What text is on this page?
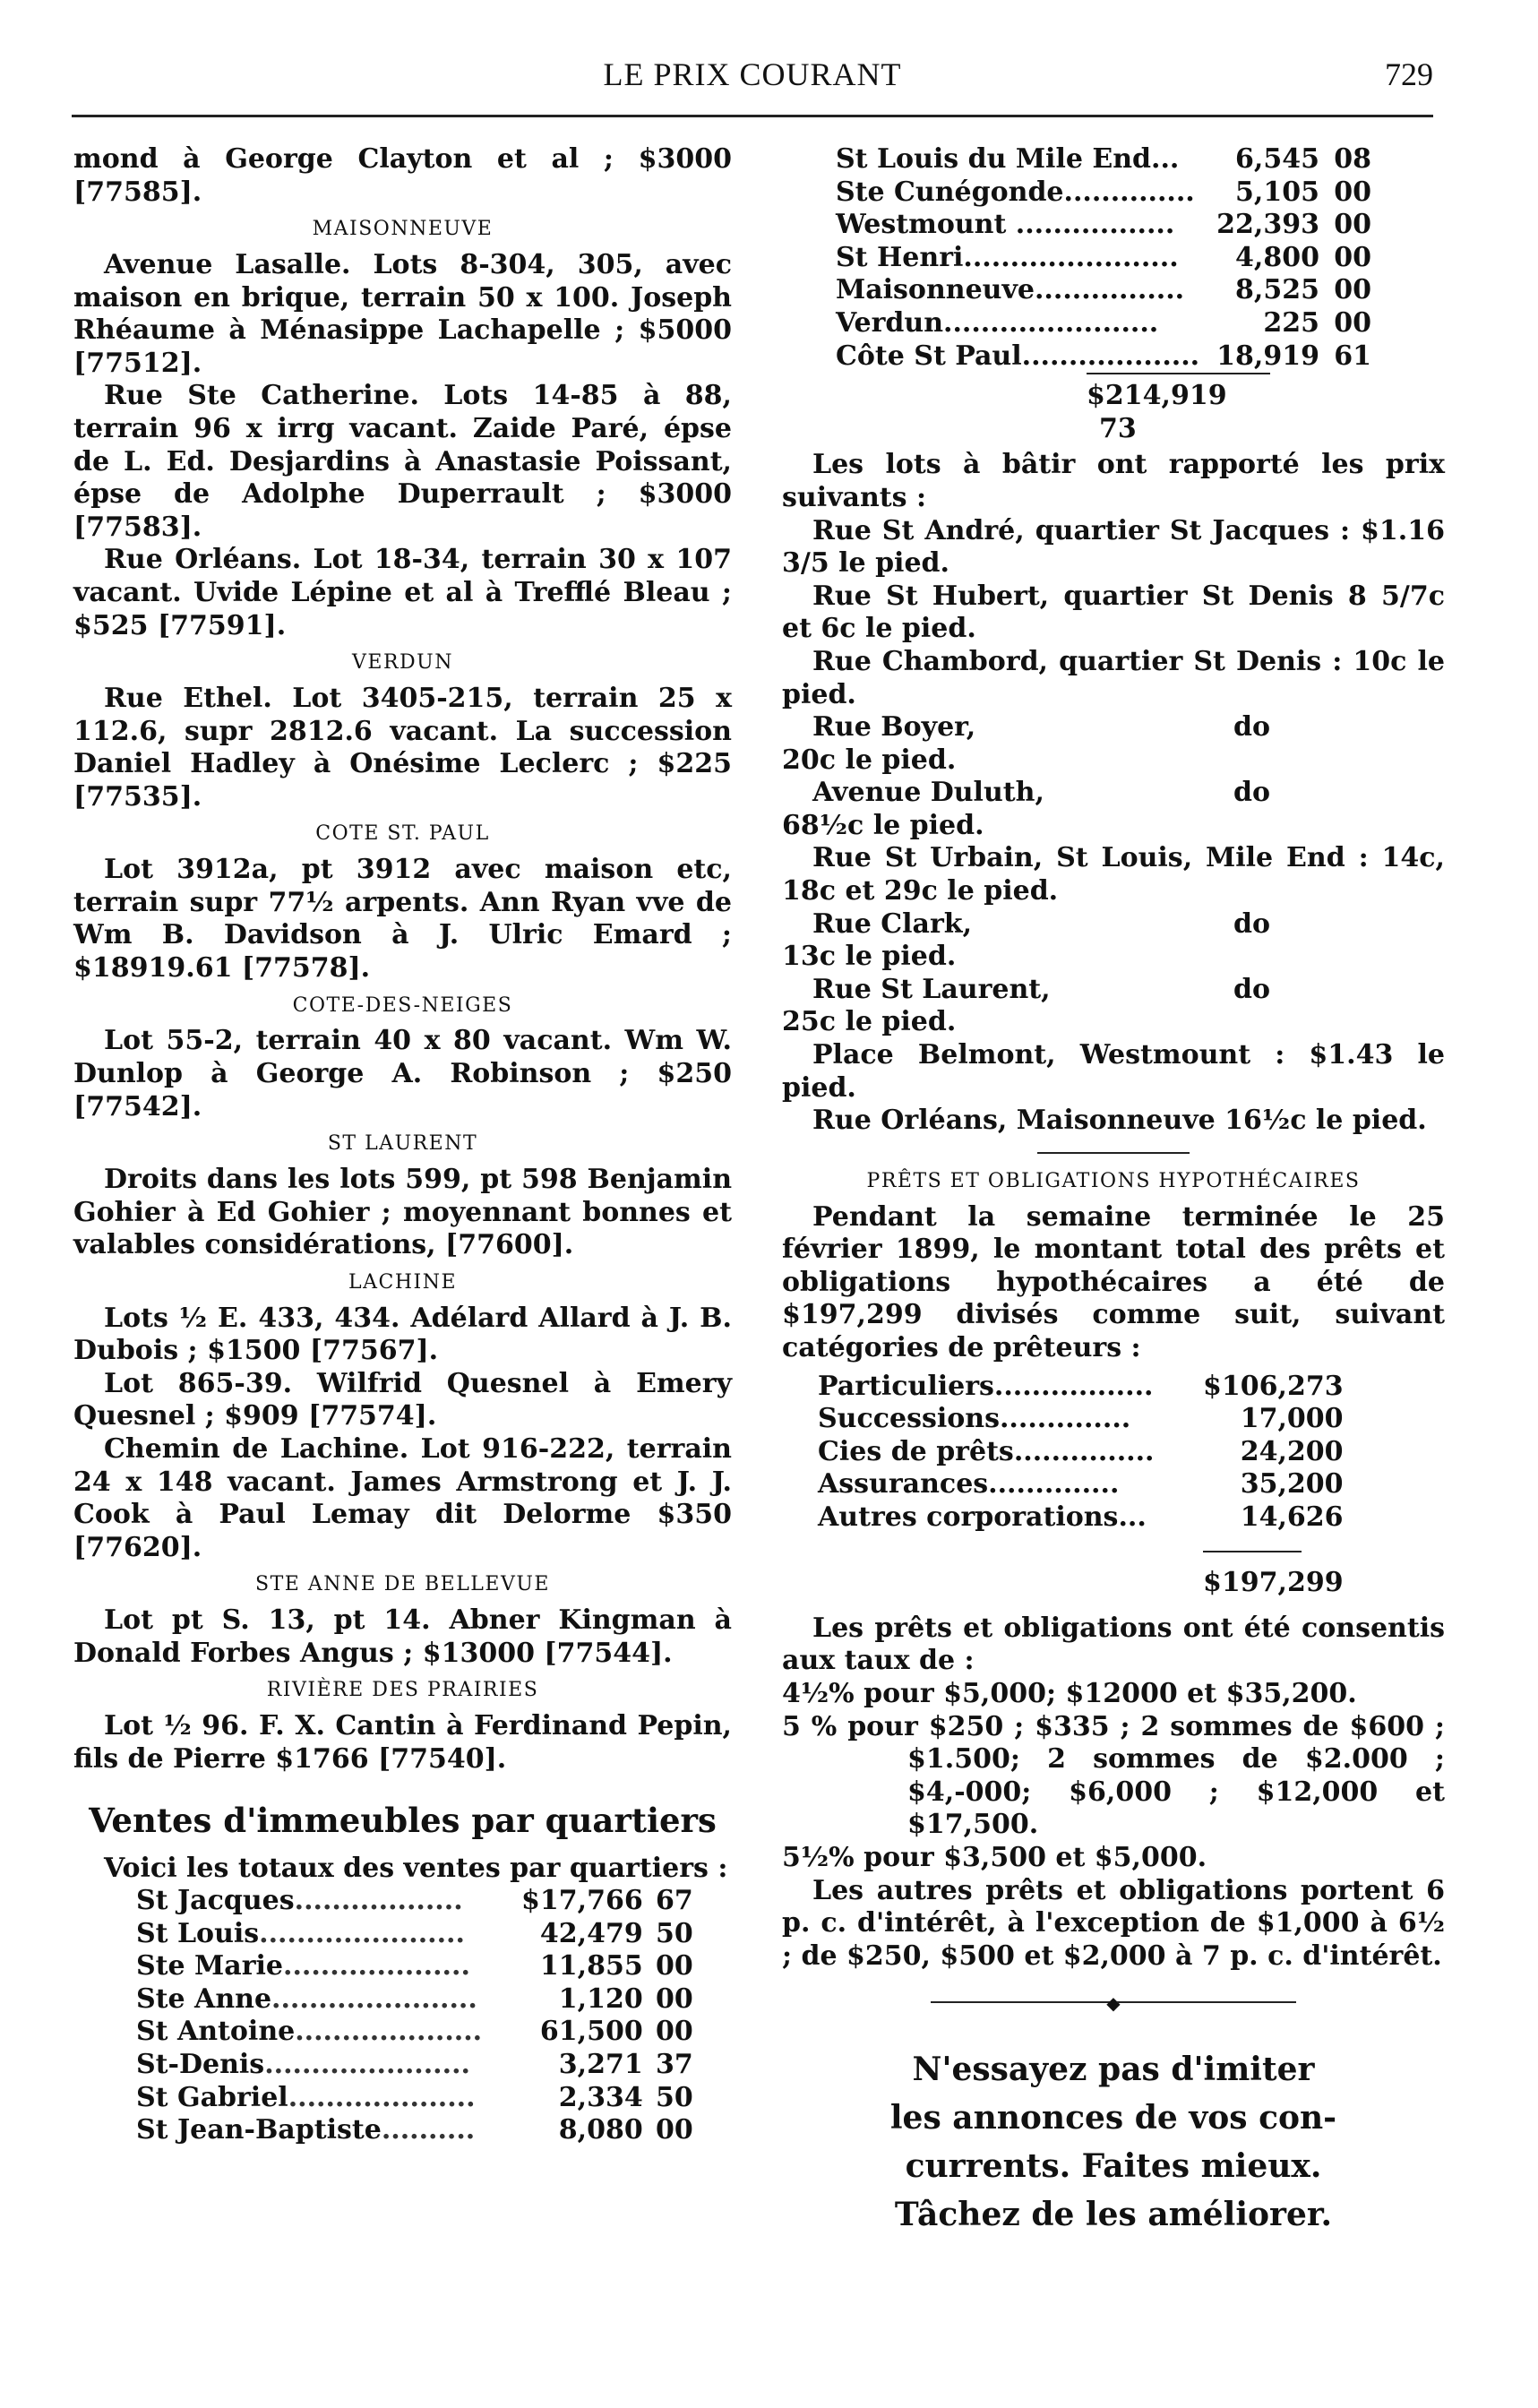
LE PRIX COURANT	729

mond à George Clayton et al ; $3000 [77585].

MAISONNEUVE

Avenue Lasalle. Lots 8-304, 305, avec maison en brique, terrain 50 x 100. Joseph Rhéaume à Ménasippe Lachapelle ; $5000 [77512].

Rue Ste Catherine. Lots 14-85 à 88, terrain 96 x irrg vacant. Zaide Paré, épse de L. Ed. Desjardins à Anastasie Poissant, épse de Adolphe Duperrault ; $3000 [77583].

Rue Orléans. Lot 18-34, terrain 30 x 107 vacant. Uvide Lépine et al à Trefflé Bleau ; $525 [77591].

VERDUN

Rue Ethel. Lot 3405-215, terrain 25 x 112.6, supr 2812.6 vacant. La succession Daniel Hadley à Onésime Leclerc ; $225 [77535].

COTE ST. PAUL

Lot 3912a, pt 3912 avec maison etc, terrain supr 77½ arpents. Ann Ryan vve de Wm B. Davidson à J. Ulric Emard ; $18919.61 [77578].

COTE-DES-NEIGES

Lot 55-2, terrain 40 x 80 vacant. Wm W. Dunlop à George A. Robinson ; $250 [77542].

ST LAURENT

Droits dans les lots 599, pt 598 Benjamin Gohier à Ed Gohier ; moyennant bonnes et valables considérations, [77600].

LACHINE

Lots ½ E. 433, 434. Adélard Allard à J. B. Dubois ; $1500 [77567].

Lot 865-39. Wilfrid Quesnel à Emery Quesnel ; $909 [77574].

Chemin de Lachine. Lot 916-222, terrain 24 x 148 vacant. James Armstrong et J. J. Cook à Paul Lemay dit Delorme $350 [77620].

STE ANNE DE BELLEVUE

Lot pt S. 13, pt 14. Abner Kingman à Donald Forbes Angus ; $13000 [77544].

RIVIÈRE DES PRAIRIES

Lot ½ 96. F. X. Cantin à Ferdinand Pepin, fils de Pierre $1766 [77540].

Ventes d'immeubles par quartiers

Voici les totaux des ventes par quartiers :

St Jacques..................	$17,766	67
St Louis......................	42,479	50
Ste Marie....................	11,855	00
Ste Anne......................	1,120	00
St Antoine....................	61,500	00
St-Denis......................	3,271	37
St Gabriel....................	2,334	50
St Jean-Baptiste..........	8,080	00
St Louis du Mile End...	6,545	08
Ste Cunégonde..............	5,105	00
Westmount .................	22,393	00
St Henri.......................	4,800	00
Maisonneuve................	8,525	00
Verdun.......................	225	00
Côte St Paul...................	18,919	61
$214,919 73

Les lots à bâtir ont rapporté les prix suivants :

Rue St André, quartier St Jacques : $1.16 3/5 le pied.

Rue St Hubert, quartier St Denis 8 5/7c et 6c le pied.

Rue Chambord, quartier St Denis : 10c le pied.

Rue Boyer,	do

20c le pied.

Avenue Duluth,	do

68½c le pied.

Rue St Urbain, St Louis, Mile End : 14c, 18c et 29c le pied.

Rue Clark,	do

13c le pied.

Rue St Laurent,	do

25c le pied.

Place Belmont, Westmount : $1.43 le pied.

Rue Orléans, Maisonneuve 16½c le pied.

PRÊTS ET OBLIGATIONS HYPOTHÉCAIRES

Pendant la semaine terminée le 25 février 1899, le montant total des prêts et obligations hypothécaires a été de $197,299 divisés comme suit, suivant catégories de prêteurs :

Particuliers.................	$106,273
Successions..............	17,000
Cies de prêts...............	24,200
Assurances..............	35,200
Autres corporations...	14,626
$197,299

Les prêts et obligations ont été consentis aux taux de :

4½% pour $5,000; $12000 et $35,200.

5 % pour $250 ; $335 ; 2 sommes de $600 ; $1.500; 2 sommes de $2.000 ; $4,-000; $6,000 ; $12,000 et $17,500.

5½% pour $3,500 et $5,000.

Les autres prêts et obligations portent 6 p. c. d'intérêt, à l'exception de $1,000 à 6½ ; de $250, $500 et $2,000 à 7 p. c. d'intérêt.

◆
N'essayez pas d'imiter
les annonces de vos con-
currents. Faites mieux.
Tâchez de les améliorer.
